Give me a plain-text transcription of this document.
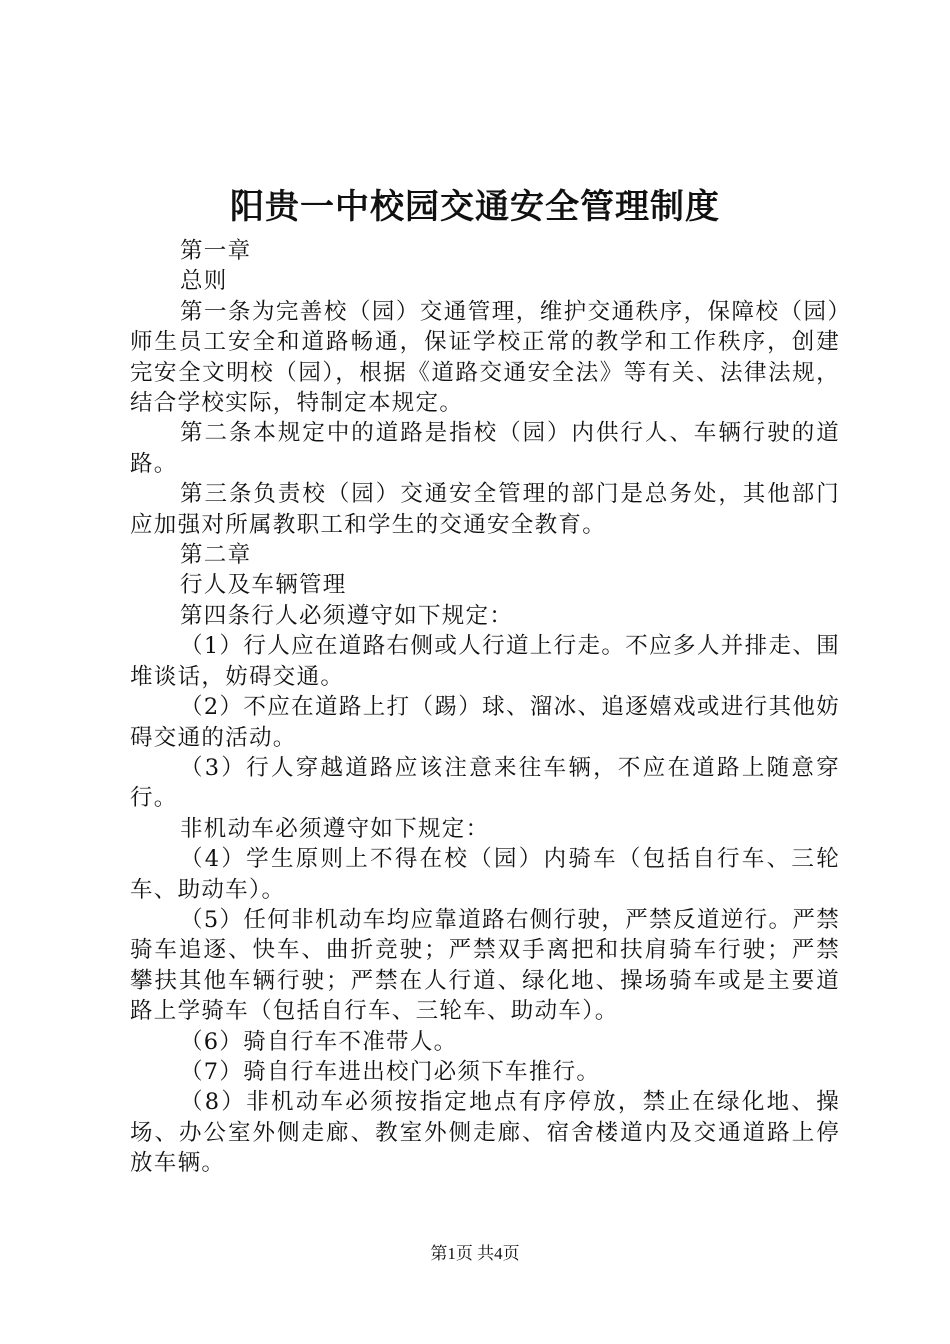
阳贵一中校园交通安全管理制度

第一章

总则

第一条为完善校（园）交通管理，维护交通秩序，保障校（园）师生员工安全和道路畅通，保证学校正常的教学和工作秩序，创建完安全文明校（园），根据《道路交通安全法》等有关、法律法规，结合学校实际，特制定本规定。

第二条本规定中的道路是指校（园）内供行人、车辆行驶的道路。

第三条负责校（园）交通安全管理的部门是总务处，其他部门应加强对所属教职工和学生的交通安全教育。

第二章

行人及车辆管理

第四条行人必须遵守如下规定：

（1）行人应在道路右侧或人行道上行走。不应多人并排走、围堆谈话，妨碍交通。

（2）不应在道路上打（踢）球、溜冰、追逐嬉戏或进行其他妨碍交通的活动。

（3）行人穿越道路应该注意来往车辆，不应在道路上随意穿行。

非机动车必须遵守如下规定：

（4）学生原则上不得在校（园）内骑车（包括自行车、三轮车、助动车）。

（5）任何非机动车均应靠道路右侧行驶，严禁反道逆行。严禁骑车追逐、快车、曲折竞驶；严禁双手离把和扶肩骑车行驶；严禁攀扶其他车辆行驶；严禁在人行道、绿化地、操场骑车或是主要道路上学骑车（包括自行车、三轮车、助动车）。

（6）骑自行车不准带人。

（7）骑自行车进出校门必须下车推行。

（8）非机动车必须按指定地点有序停放，禁止在绿化地、操场、办公室外侧走廊、教室外侧走廊、宿舍楼道内及交通道路上停放车辆。

第1页 共4页
